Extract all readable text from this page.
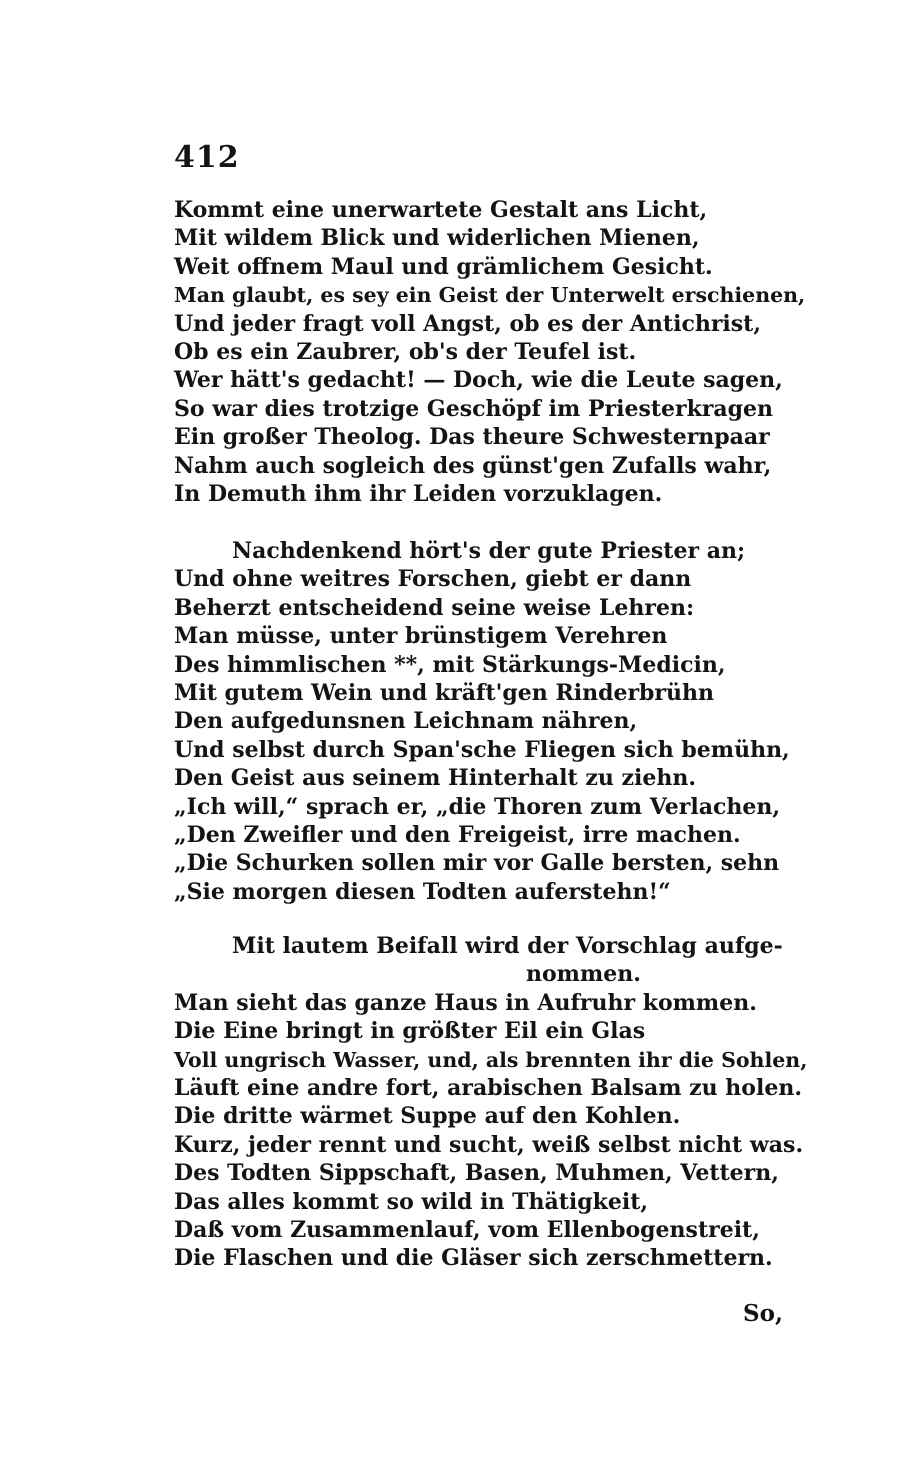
412
Kommt eine unerwartete Gestalt ans Licht,
Mit wildem Blick und widerlichen Mienen,
Weit offnem Maul und grämlichem Gesicht.
Man glaubt, es sey ein Geist der Unterwelt erschienen,
Und jeder fragt voll Angst, ob es der Antichrist,
Ob es ein Zaubrer, ob's der Teufel ist.
Wer hätt's gedacht! — Doch, wie die Leute sagen,
So war dies trotzige Geschöpf im Priesterkragen
Ein großer Theolog. Das theure Schwesternpaar
Nahm auch sogleich des günst'gen Zufalls wahr,
In Demuth ihm ihr Leiden vorzuklagen.
Nachdenkend hört's der gute Priester an;
Und ohne weitres Forschen, giebt er dann
Beherzt entscheidend seine weise Lehren:
Man müsse, unter brünstigem Verehren
Des himmlischen **, mit Stärkungs-Medicin,
Mit gutem Wein und kräft'gen Rinderbrühn
Den aufgedunsnen Leichnam nähren,
Und selbst durch Span'sche Fliegen sich bemühn,
Den Geist aus seinem Hinterhalt zu ziehn.
„Ich will,“ sprach er, „die Thoren zum Verlachen,
„Den Zweifler und den Freigeist, irre machen.
„Die Schurken sollen mir vor Galle bersten, sehn
„Sie morgen diesen Todten auferstehn!“
Mit lautem Beifall wird der Vorschlag aufge-
nommen.
Man sieht das ganze Haus in Aufruhr kommen.
Die Eine bringt in größter Eil ein Glas
Voll ungrisch Wasser, und, als brennten ihr die Sohlen,
Läuft eine andre fort, arabischen Balsam zu holen.
Die dritte wärmet Suppe auf den Kohlen.
Kurz, jeder rennt und sucht, weiß selbst nicht was.
Des Todten Sippschaft, Basen, Muhmen, Vettern,
Das alles kommt so wild in Thätigkeit,
Daß vom Zusammenlauf, vom Ellenbogenstreit,
Die Flaschen und die Gläser sich zerschmettern.
So,
